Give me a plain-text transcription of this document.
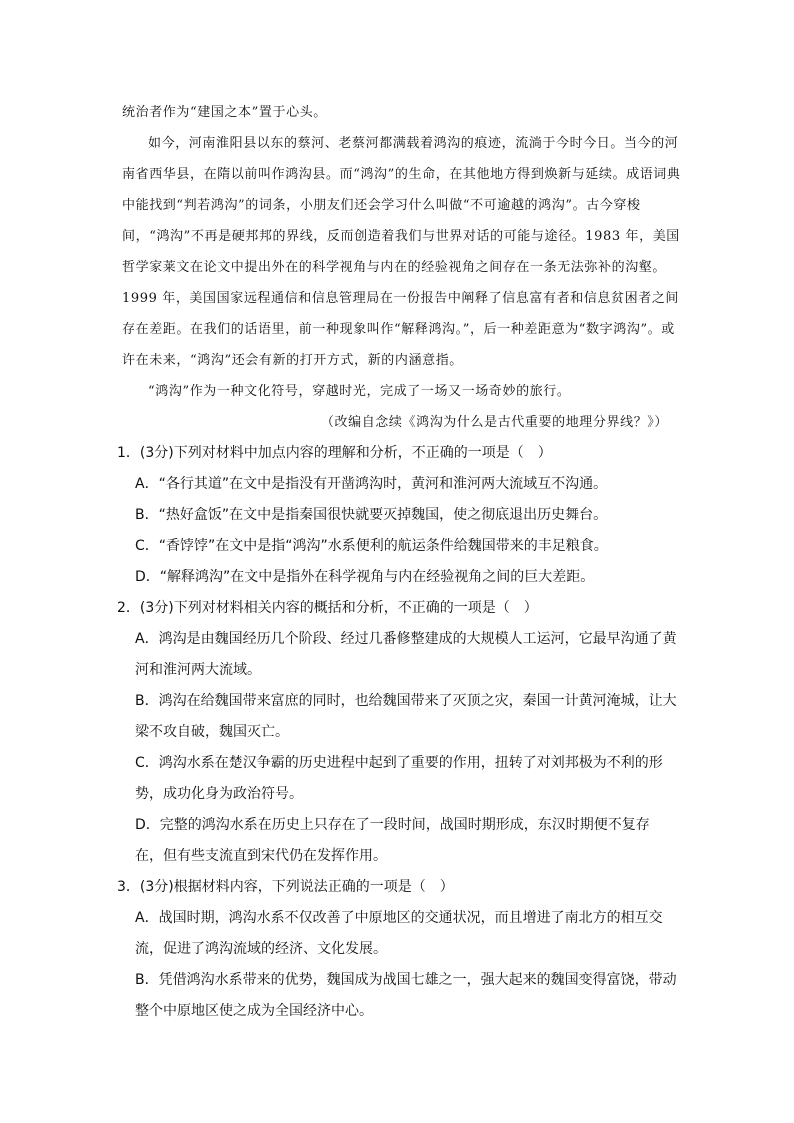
统治者作为“建国之本”置于心头。

如今，河南淮阳县以东的蔡河、老蔡河都满载着鸿沟的痕迹，流淌于今时今日。当今的河南省西华县，在隋以前叫作鸿沟县。而“鸿沟”的生命，在其他地方得到焕新与延续。成语词典中能找到“判若鸿沟”的词条，小朋友们还会学习什么叫做“不可逾越的鸿沟”。古今穿梭间，“鸿沟”不再是硬邦邦的界线，反而创造着我们与世界对话的可能与途径。1983 年，美国哲学家莱文在论文中提出外在的科学视角与内在的经验视角之间存在一条无法弥补的沟壑。1999 年，美国国家远程通信和信息管理局在一份报告中阐释了信息富有者和信息贫困者之间存在差距。在我们的话语里，前一种现象叫作“解释鸿沟。”，后一种差距意为“数字鸿沟”。或许在未来，“鸿沟”还会有新的打开方式，新的内涵意指。

“鸿沟”作为一种文化符号，穿越时光，完成了一场又一场奇妙的旅行。

（改编自念续《鸿沟为什么是古代重要的地理分界线？》）

1．(3分)下列对材料中加点内容的理解和分析，不正确的一项是（　）

A．“各行其道”在文中是指没有开凿鸿沟时，黄河和淮河两大流域互不沟通。

B．“热好盒饭”在文中是指秦国很快就要灭掉魏国，使之彻底退出历史舞台。

C．“香饽饽”在文中是指“鸿沟”水系便利的航运条件给魏国带来的丰足粮食。

D．“解释鸿沟”在文中是指外在科学视角与内在经验视角之间的巨大差距。

2．(3分)下列对材料相关内容的概括和分析，不正确的一项是（　）

A．鸿沟是由魏国经历几个阶段、经过几番修整建成的大规模人工运河，它最早沟通了黄河和淮河两大流域。

B．鸿沟在给魏国带来富庶的同时，也给魏国带来了灭顶之灾，秦国一计黄河淹城，让大梁不攻自破，魏国灭亡。

C．鸿沟水系在楚汉争霸的历史进程中起到了重要的作用，扭转了对刘邦极为不利的形势，成功化身为政治符号。

D．完整的鸿沟水系在历史上只存在了一段时间，战国时期形成，东汉时期便不复存在，但有些支流直到宋代仍在发挥作用。

3．(3分)根据材料内容，下列说法正确的一项是（　）

A．战国时期，鸿沟水系不仅改善了中原地区的交通状况，而且增进了南北方的相互交流，促进了鸿沟流域的经济、文化发展。

B．凭借鸿沟水系带来的优势，魏国成为战国七雄之一，强大起来的魏国变得富饶，带动整个中原地区使之成为全国经济中心。
